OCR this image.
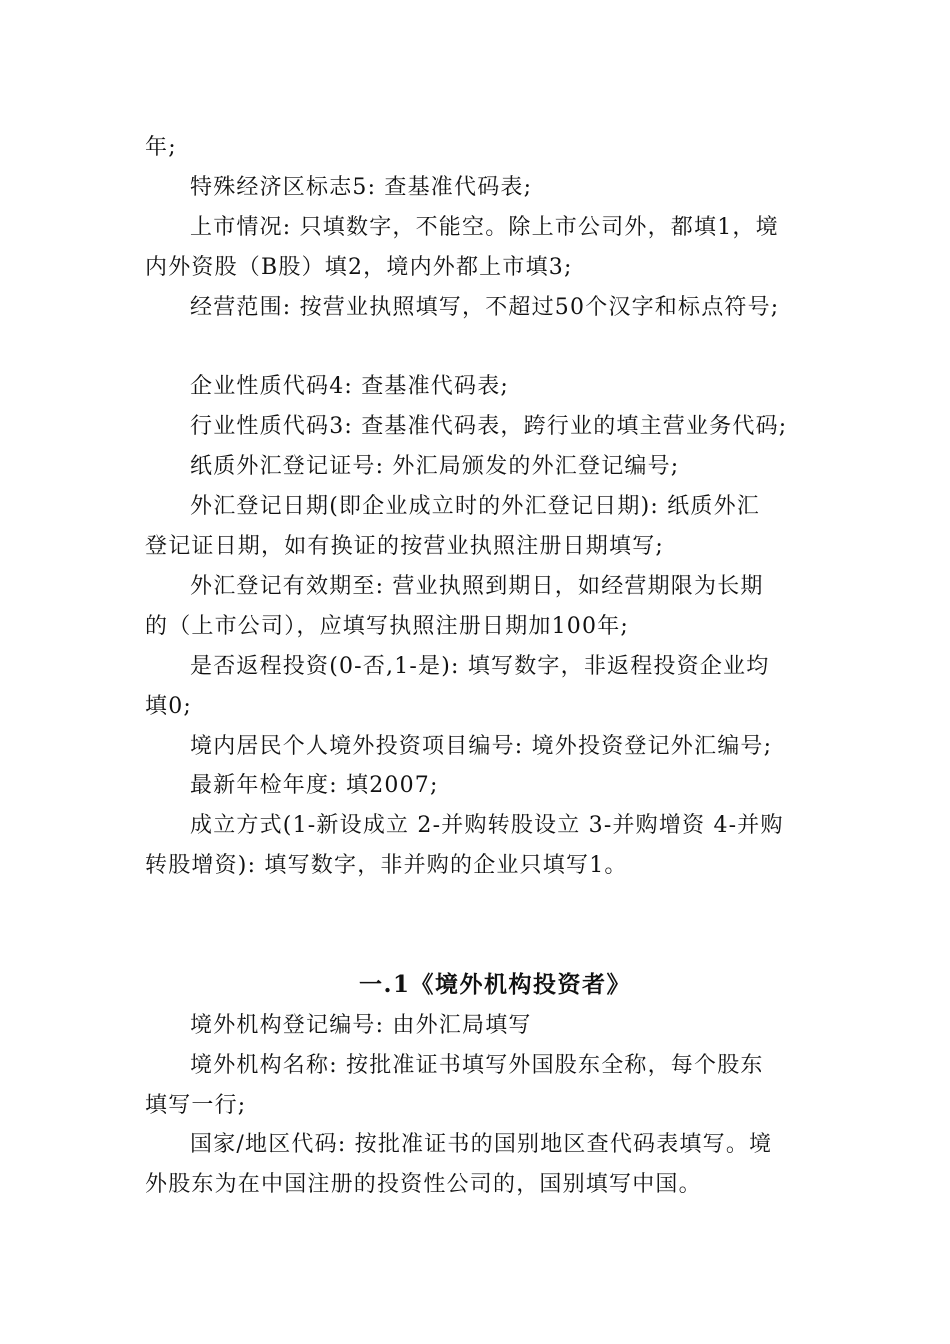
年;
特殊经济区标志5: 查基准代码表;
上市情况: 只填数字，不能空。除上市公司外，都填1，境
内外资股（B股）填2，境内外都上市填3;
经营范围: 按营业执照填写，不超过50个汉字和标点符号;
企业性质代码4: 查基准代码表;
行业性质代码3: 查基准代码表，跨行业的填主营业务代码;
纸质外汇登记证号: 外汇局颁发的外汇登记编号;
外汇登记日期(即企业成立时的外汇登记日期): 纸质外汇
登记证日期，如有换证的按营业执照注册日期填写;
外汇登记有效期至: 营业执照到期日，如经营期限为长期
的（上市公司），应填写执照注册日期加100年;
是否返程投资(0-否,1-是): 填写数字，非返程投资企业均
填0;
境内居民个人境外投资项目编号: 境外投资登记外汇编号;
最新年检年度: 填2007;
成立方式(1-新设成立 2-并购转股设立 3-并购增资 4-并购
转股增资): 填写数字，非并购的企业只填写1。
一.1《境外机构投资者》
境外机构登记编号: 由外汇局填写
境外机构名称: 按批准证书填写外国股东全称，每个股东
填写一行;
国家/地区代码: 按批准证书的国别地区查代码表填写。境
外股东为在中国注册的投资性公司的，国别填写中国。
